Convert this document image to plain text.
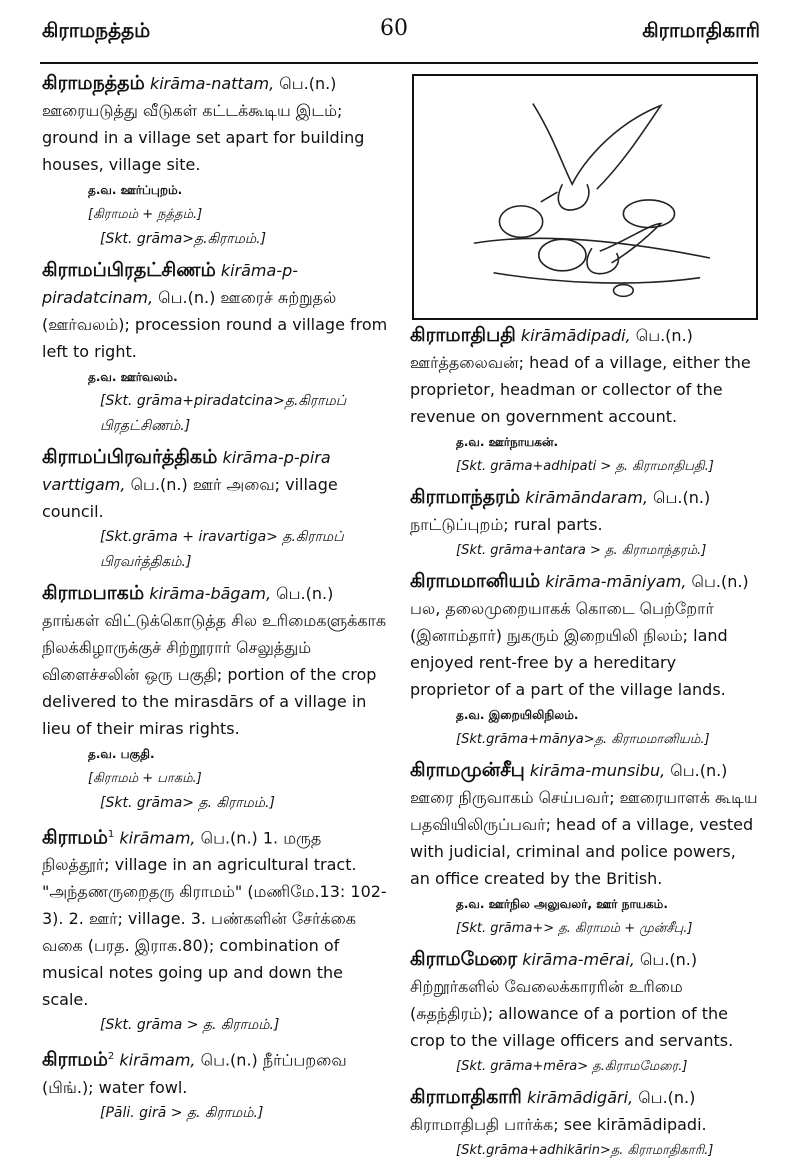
கிராமநத்தம்	60	கிராமாதிகாரி
கிராமநத்தம் kirāma-nattam, பெ.(n.) ஊரையடுத்து வீடுகள் கட்டக்கூடிய இடம்; ground in a village set apart for building houses, village site.
த.வ. ஊர்ப்புறம்.
[கிராமம் + நத்தம்.]
[Skt. grāma>த.கிராமம்.]
கிராமப்பிரதட்சிணம் kirāma-p-piradatcinam, பெ.(n.) ஊரைச் சுற்றுதல் (ஊர்வலம்); procession round a village from left to right.
த.வ. ஊர்வலம்.
[Skt. grāma+piradatcina>த.கிராமப் பிரதட்சிணம்.]
கிராமப்பிரவர்த்திகம் kirāma-p-pira varttigam, பெ.(n.) ஊர் அவை; village council.
[Skt.grāma + iravartiga> த.கிராமப் பிரவர்த்திகம்.]
கிராமபாகம் kirāma-bāgam, பெ.(n.) தாங்கள் விட்டுக்கொடுத்த சில உரிமைகளுக்காக நிலக்கிழாருக்குச் சிற்றூரார் செலுத்தும் விளைச்சலின் ஒரு பகுதி; portion of the crop delivered to the mirasdārs of a village in lieu of their miras rights.
த.வ. பகுதி.
[கிராமம் + பாகம்.]
[Skt. grāma> த. கிராமம்.]
கிராமம்$^1$ kirāmam, பெ.(n.) 1. மருத நிலத்தூர்; village in an agricultural tract. "அந்தணருறைதரு கிராமம்" (மணிமே.13: 102-3). 2. ஊர்; village. 3. பண்களின் சேர்க்கை வகை (பரத. இராக.80); combination of musical notes going up and down the scale.
[Skt. grāma > த. கிராமம்.]
கிராமம்$^2$ kirāmam, பெ.(n.) நீர்ப்பறவை (பிங்.); water fowl.
[Pāli. girā > த. கிராமம்.]
கிராமாதிபதி kirāmādipadi, பெ.(n.) ஊர்த்தலைவன்; head of a village, either the proprietor, headman or collector of the revenue on government account.
த.வ. ஊர்நாயகன்.
[Skt. grāma+adhipati > த. கிராமாதிபதி.]
கிராமாந்தரம் kirāmāndaram, பெ.(n.) நாட்டுப்புறம்; rural parts.
[Skt. grāma+antara > த. கிராமாந்தரம்.]
கிராமமானியம் kirāma-māniyam, பெ.(n.) பல, தலைமுறையாகக் கொடை பெற்றோர் (இனாம்தார்) நுகரும் இறையிலி நிலம்; land enjoyed rent-free by a hereditary proprietor of a part of the village lands.
த.வ. இறையிலிநிலம்.
[Skt.grāma+mānya>த. கிராமமானியம்.]
கிராமமுன்சீபு kirāma-munsibu, பெ.(n.) ஊரை நிருவாகம் செய்பவர்; ஊரையாளக் கூடிய பதவியிலிருப்பவர்; head of a village, vested with judicial, criminal and police powers, an office created by the British.
த.வ. ஊர்நில அலுவலர், ஊர் நாயகம்.
[Skt. grāma+> த. கிராமம் + முன்சீபு.]
கிராமமேரை kirāma-mērai, பெ.(n.) சிற்றூர்களில் வேலைக்காரரின் உரிமை (சுதந்திரம்); allowance of a portion of the crop to the village officers and servants.
[Skt. grāma+mēra> த.கிராமமேரை.]
கிராமாதிகாரி kirāmādigāri, பெ.(n.) கிராமாதிபதி பார்க்க; see kirāmādipadi.
[Skt.grāma+adhikārin>த. கிராமாதிகாரி.]
